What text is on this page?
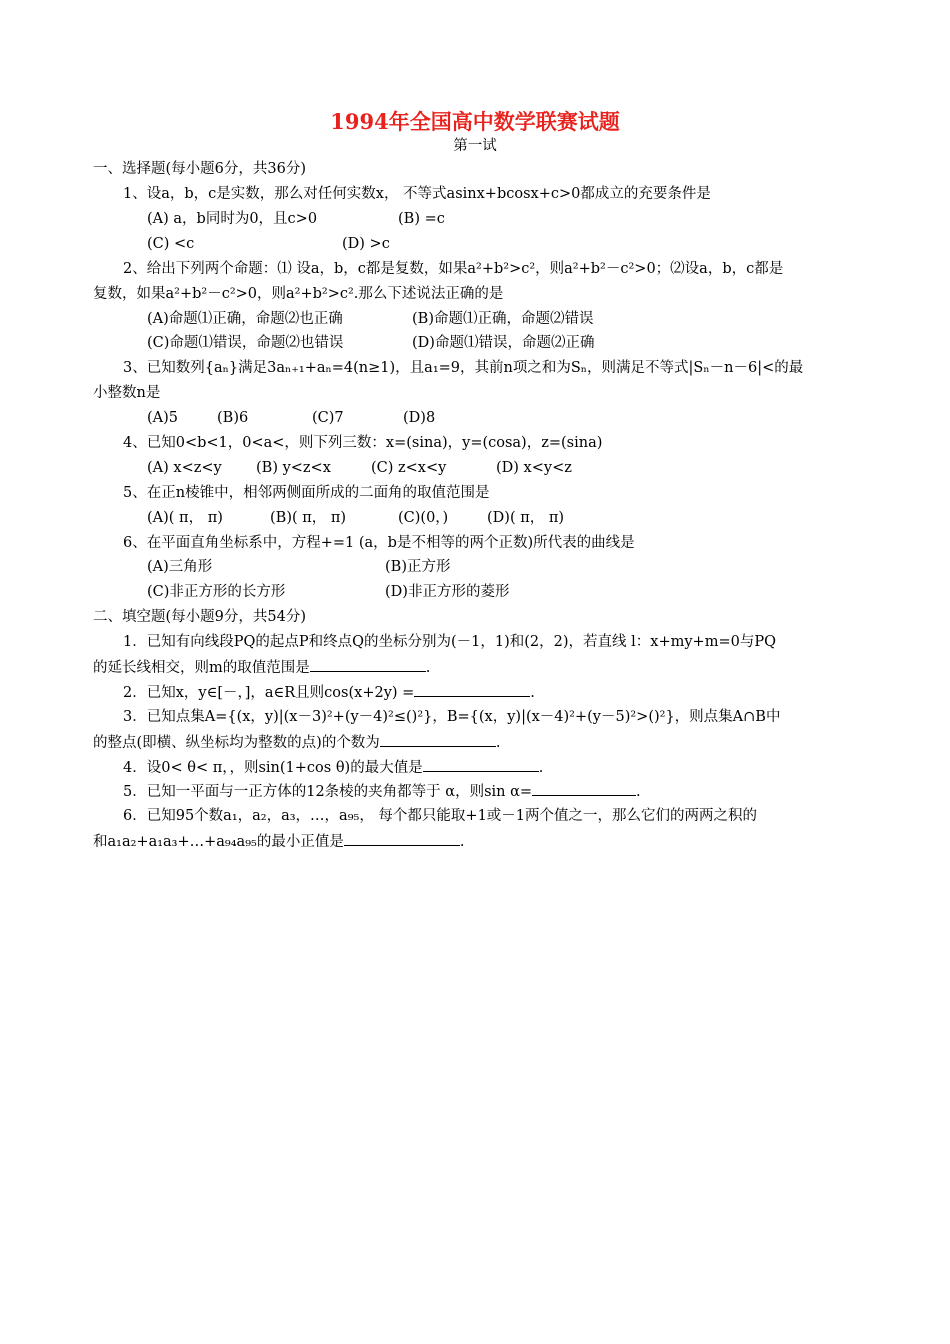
1994年全国高中数学联赛试题
第一试
一、选择题(每小题6分，共36分)
1、设a，b，c是实数，那么对任何实数x， 不等式asinx+bcosx+c>0都成立的充要条件是
(A) a，b同时为0，且c>0	(B) =c
(C) <c	(D) >c
2、给出下列两个命题：⑴ 设a，b，c都是复数，如果a²+b²>c²，则a²+b²－c²>0；⑵设a，b，c都是
复数，如果a²+b²－c²>0，则a²+b²>c².那么下述说法正确的是
(A)命题⑴正确，命题⑵也正确	(B)命题⑴正确，命题⑵错误
(C)命题⑴错误，命题⑵也错误	(D)命题⑴错误，命题⑵正确
3、已知数列{aₙ}满足3aₙ₊₁+aₙ=4(n≥1)，且a₁=9，其前n项之和为Sₙ，则满足不等式|Sₙ－n－6|<的最
小整数n是
(A)5	(B)6	(C)7	(D)8
4、已知0<b<1，0<a<，则下列三数：x=(sina)，y=(cosa)，z=(sina)
(A) x<z<y (B) y<z<x	(C) z<x<y	(D) x<y<z
5、在正n棱锥中，相邻两侧面所成的二面角的取值范围是
(A)( π， π)	(B)( π， π)	(C)(0，)	(D)( π， π)
6、在平面直角坐标系中，方程+=1 (a，b是不相等的两个正数)所代表的曲线是
(A)三角形	(B)正方形
(C)非正方形的长方形	(D)非正方形的菱形
二、填空题(每小题9分，共54分)
1．已知有向线段PQ的起点P和终点Q的坐标分别为(－1，1)和(2，2)，若直线 l：x+my+m=0与PQ
的延长线相交，则m的取值范围是	.
2．已知x，y∈[－，]，a∈R且则cos(x+2y) =	.
3．已知点集A={(x，y)|(x－3)²+(y－4)²≤()²}，B={(x，y)|(x－4)²+(y－5)²>()²}，则点集A∩B中
的整点(即横、纵坐标均为整数的点)的个数为	.
4．设0< θ< π，，则sin(1+cos θ)的最大值是	.
5．已知一平面与一正方体的12条棱的夹角都等于 α，则sin α=	.
6．已知95个数a₁，a₂，a₃，…，a₉₅， 每个都只能取+1或－1两个值之一，那么它们的两两之积的
和a₁a₂+a₁a₃+…+a₉₄a₉₅的最小正值是	.
